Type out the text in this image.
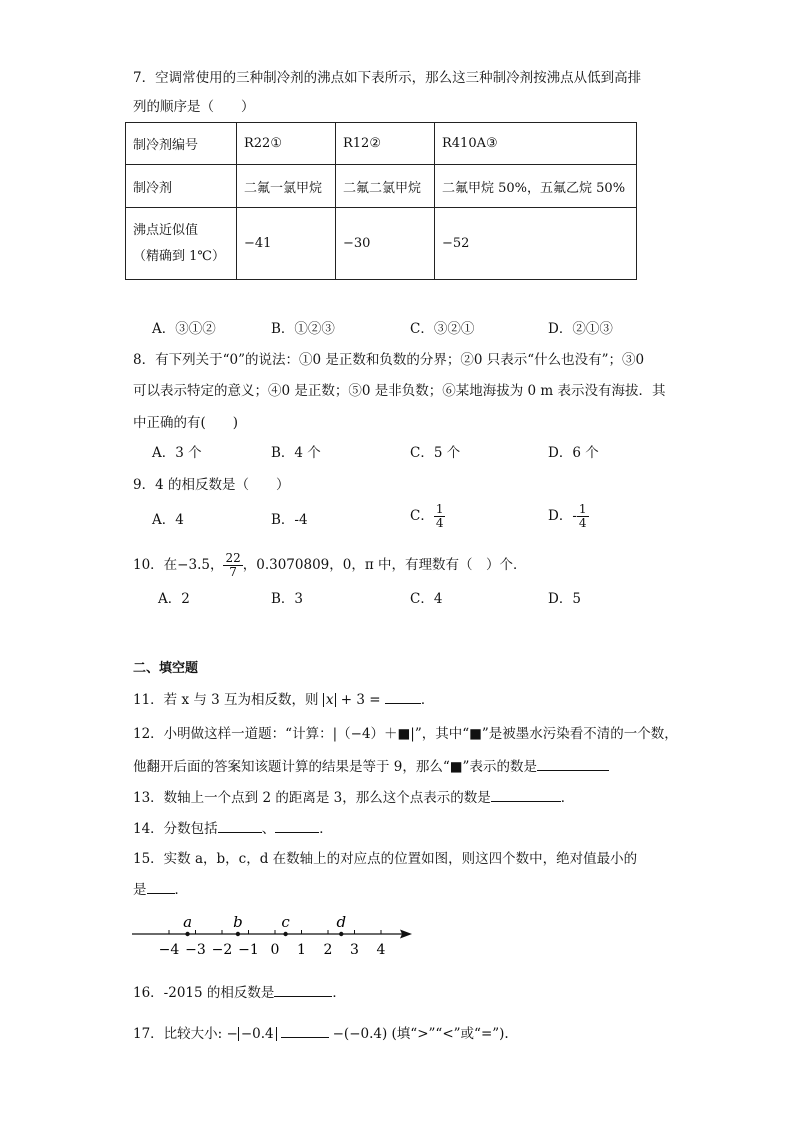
7．空调常使用的三种制冷剂的沸点如下表所示，那么这三种制冷剂按沸点从低到高排
列的顺序是（　　）
制冷剂编号	R22①	R12②	R410A③
制冷剂	二氟一氯甲烷	二氟二氯甲烷	二氟甲烷 50%，五氟乙烷 50%

沸点近似值
（精确到 1℃）	−41	−30	−52
A．③①②	B．①②③	C．③②①	D．②①③
8．有下列关于“0”的说法：①0 是正数和负数的分界；②0 只表示“什么也没有”；③0
可以表示特定的意义；④0 是正数；⑤0 是非负数；⑥某地海拔为 0 m 表示没有海拔．其
中正确的有(　　)
A．3 个	B．4 个	C．5 个	D．6 个
9．4 的相反数是（　　）
A．4	B．-4	C． $\frac{1}{4}$	D．- $\frac{1}{4}$
10．在−3.5， $\frac{22}{7}$ ，0.3070809，0，π 中，有理数有（　）个．
A．2	B．3	C．4	D．5
二、填空题
11．若 x 与 3 互为相反数，则 x + 3 =	．
12．小明做这样一道题：“计算：|（−4）＋■|”，其中“■”是被墨水污染看不清的一个数，
他翻开后面的答案知该题计算的结果是等于 9，那么“■”表示的数是
13．数轴上一个点到 2 的距离是 3，那么这个点表示的数是	．
14．分数包括	、	．
15．实数 a，b，c，d 在数轴上的对应点的位置如图，则这四个数中，绝对值最小的
是 ．
−4 −3 −2 −1 0 1 2 3 4
a	b	c	d
16．-2015 的相反数是	．
17．比较大小: − −0.4	−(−0.4) (填“>”“<”或“=”).
